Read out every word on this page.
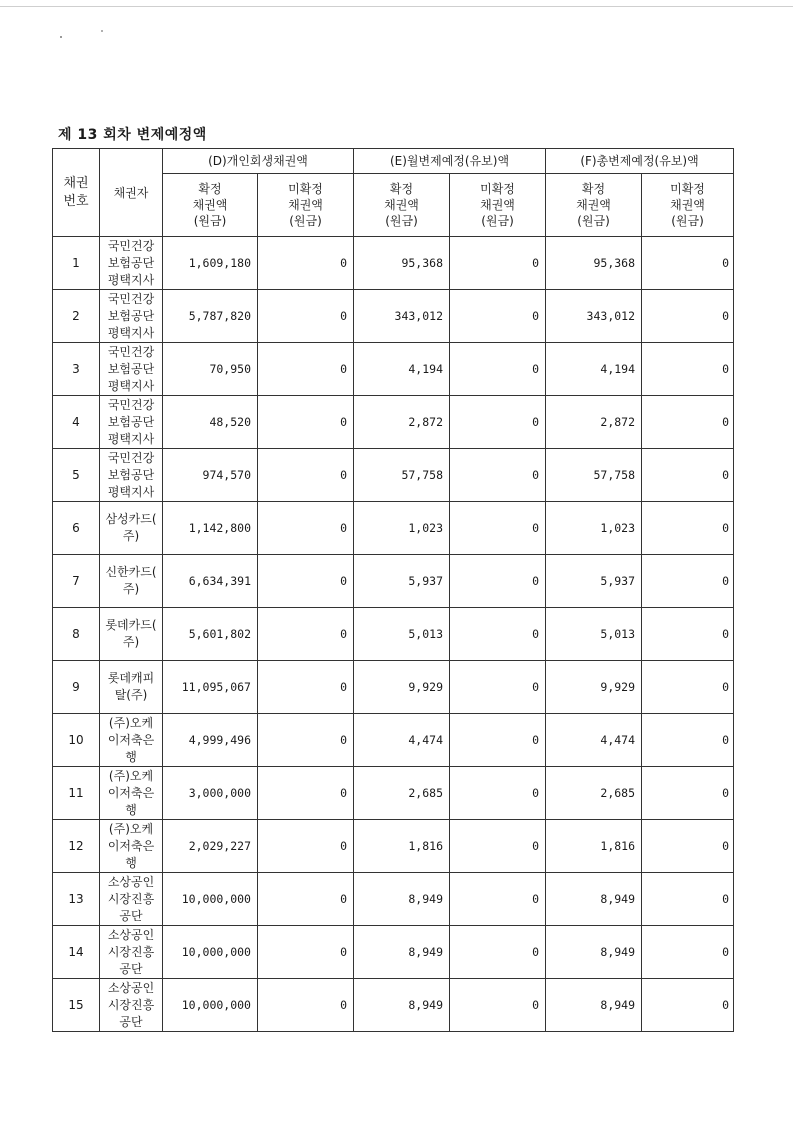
제 13 회차 변제예정액
채권
번호	채권자	(D)개인회생채권액		(E)월변제예정(유보)액		(F)총변제예정(유보)액	
		확정
채권액
(원금)	미확정
채권액
(원금)	확정
채권액
(원금)	미확정
채권액
(원금)	확정
채권액
(원금)	미확정
채권액
(원금)
1	국민건강
보험공단
평택지사	1,609,180	0	95,368	0	95,368	0
2	국민건강
보험공단
평택지사	5,787,820	0	343,012	0	343,012	0
3	국민건강
보험공단
평택지사	70,950	0	4,194	0	4,194	0
4	국민건강
보험공단
평택지사	48,520	0	2,872	0	2,872	0
5	국민건강
보험공단
평택지사	974,570	0	57,758	0	57,758	0
6	삼성카드(
주)	1,142,800	0	1,023	0	1,023	0
7	신한카드(
주)	6,634,391	0	5,937	0	5,937	0
8	롯데카드(
주)	5,601,802	0	5,013	0	5,013	0
9	롯데캐피
탈(주)	11,095,067	0	9,929	0	9,929	0
10	(주)오케
이저축은
행	4,999,496	0	4,474	0	4,474	0
11	(주)오케
이저축은
행	3,000,000	0	2,685	0	2,685	0
12	(주)오케
이저축은
행	2,029,227	0	1,816	0	1,816	0
13	소상공인
시장진흥
공단	10,000,000	0	8,949	0	8,949	0
14	소상공인
시장진흥
공단	10,000,000	0	8,949	0	8,949	0
15	소상공인
시장진흥
공단	10,000,000	0	8,949	0	8,949	0
